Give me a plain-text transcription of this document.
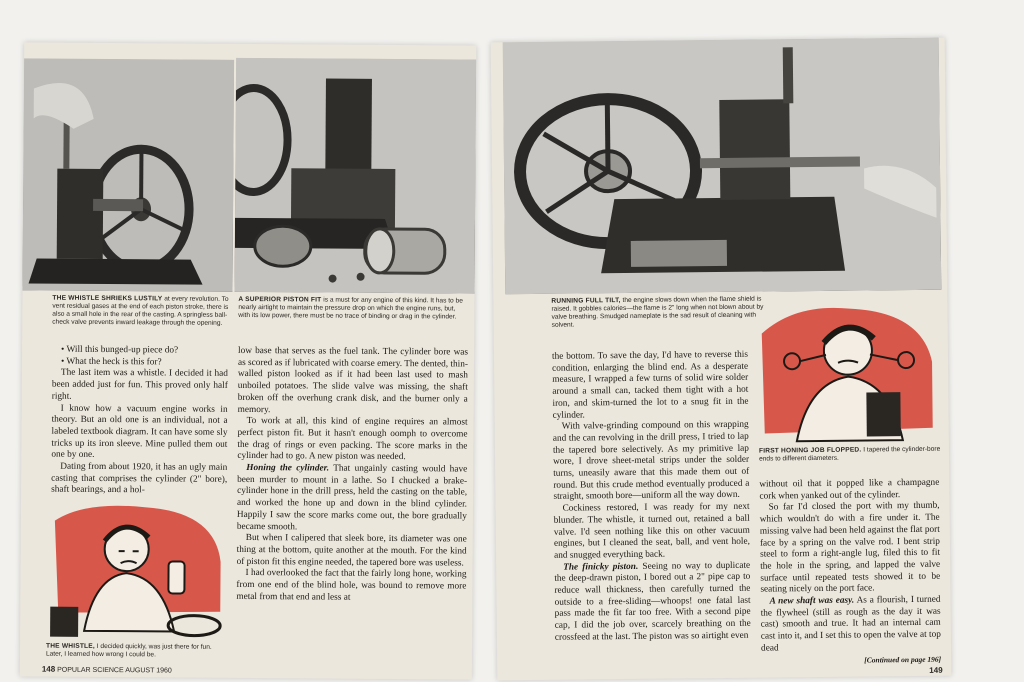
THE WHISTLE SHRIEKS LUSTILY at every revolution. To vent residual gases at the end of each piston stroke, there is also a small hole in the rear of the casting. A springless ball-check valve prevents inward leakage through the opening.
A SUPERIOR PISTON FIT is a must for any engine of this kind. It has to be nearly airtight to maintain the pressure drop on which the engine runs, but, with its low power, there must be no trace of binding or drag in the cylinder.

• Will this bunged-up piece do?

• What the heck is this for?

The last item was a whistle. I decided it had been added just for fun. This proved only half right.

I know how a vacuum engine works in theory. But an old one is an individual, not a labeled textbook diagram. It can have some sly tricks up its iron sleeve. Mine pulled them out one by one.

Dating from about 1920, it has an ugly main casting that comprises the cylinder (2" bore), shaft bearings, and a hol-

THE WHISTLE, I decided quickly, was just there for fun. Later, I learned how wrong I could be.

low base that serves as the fuel tank. The cylinder bore was as scored as if lubricated with coarse emery. The dented, thin-walled piston looked as if it had been last used to mash unboiled potatoes. The slide valve was missing, the shaft broken off the overhung crank disk, and the burner only a memory.

To work at all, this kind of engine requires an almost perfect piston fit. But it hasn't enough oomph to overcome the drag of rings or even packing. The score marks in the cylinder had to go. A new piston was needed.

Honing the cylinder. That ungainly casting would have been murder to mount in a lathe. So I chucked a brake-cylinder hone in the drill press, held the casting on the table, and worked the hone up and down in the blind cylinder. Happily I saw the score marks come out, the bore gradually became smooth.

But when I calipered that sleek bore, its diameter was one thing at the bottom, quite another at the mouth. For the kind of piston fit this engine needed, the tapered bore was useless.

I had overlooked the fact that the fairly long hone, working from one end of the blind hole, was bound to remove more metal from that end and less at

148 POPULAR SCIENCE AUGUST 1960
RUNNING FULL TILT, the engine slows down when the flame shield is raised. It gobbles calories—the flame is 2" long when not blown about by valve breathing. Smudged nameplate is the sad result of cleaning with solvent.

the bottom. To save the day, I'd have to reverse this condition, enlarging the blind end. As a desperate measure, I wrapped a few turns of solid wire solder around a small can, tacked them tight with a hot iron, and skim-turned the lot to a snug fit in the cylinder.

With valve-grinding compound on this wrapping and the can revolving in the drill press, I tried to lap the tapered bore selectively. As my primitive lap wore, I drove sheet-metal strips under the solder turns, uneasily aware that this made them out of round. But this crude method eventually produced a straight, smooth bore—uniform all the way down.

Cockiness restored, I was ready for my next blunder. The whistle, it turned out, retained a ball valve. I'd seen nothing like this on other vacuum engines, but I cleaned the seat, ball, and vent hole, and snugged everything back.

The finicky piston. Seeing no way to duplicate the deep-drawn piston, I bored out a 2" pipe cap to reduce wall thickness, then carefully turned the outside to a free-sliding—whoops! one fatal last pass made the fit far too free. With a second pipe cap, I did the job over, scarcely breathing on the crossfeed at the last. The piston was so airtight even

FIRST HONING JOB FLOPPED. I tapered the cylinder-bore ends to different diameters.

without oil that it popped like a champagne cork when yanked out of the cylinder.

So far I'd closed the port with my thumb, which wouldn't do with a fire under it. The missing valve had been held against the flat port face by a spring on the valve rod. I bent strip steel to form a right-angle lug, filed this to fit the hole in the spring, and lapped the valve surface until repeated tests showed it to be seating nicely on the port face.

A new shaft was easy. As a flourish, I turned the flywheel (still as rough as the day it was cast) smooth and true. It had an internal cam cast into it, and I set this to open the valve at top dead

[Continued on page 196]

149
